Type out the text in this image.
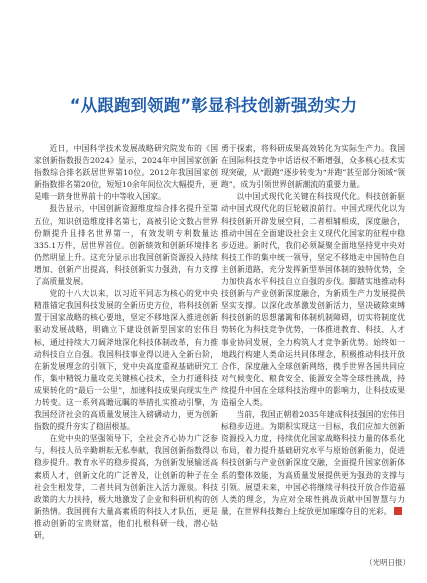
“从跟跑到领跑”彰显科技创新强劲实力

近日，中国科学技术发展战略研究院发布的《国家创新指数报告2024》显示，2024年中国国家创新指数综合排名跃居世界第10位。2012年我国国家创新指数排名第20位，短短10余年间位次大幅提升，更是唯一跻身世界前十的中等收入国家。

报告显示，中国创新资源维度综合排名提升至第五位，知识创造维度排名第七，高被引论文数占世界份额提升且排名世界第一，有效发明专利数量达335.1万件，居世界首位。创新绩效和创新环境排名仍然明显上升。这充分显示出我国创新资源投入持续增加、创新产出提高，科技创新实力强劲，有力支撑了高质量发展。

党的十八大以来，以习近平同志为核心的党中央精准锚定我国科技发展的全新历史方位，将科技创新置于国家战略的核心要地，坚定不移地深入推进创新驱动发展战略，明确立下建设创新型国家的宏伟目标，通过持续大刀阔斧地深化科技体制改革，有力推动科技自立自强。我国科技事业得以进入全新台阶，在新发展理念的引领下，党中央高度重视基础研究工作，集中精锐力量攻克关键核心技术，全力打通科技成果转化的“最后一公里”，加速科技成果向现实生产力转变。这一系列高瞻远瞩的举措扎实推动引擎，为我国经济社会的高质量发展注入磅礴动力，更为创新指数的提升夯实了稳固根基。

在党中央的坚强领导下，全社会齐心协力广泛参与，科技人员辛勤耕耘无私奉献，我国创新指数得以稳步提升。教育水平的稳步提高，为创新发展输送高素质人才，创新文化的广泛普及，让创新的种子在全社会生根发芽，二者共同为创新注入活力源泉。科技政策的大力扶持，极大地激发了企业和科研机构的创新热情。我国拥有大量高素质的科技人才队伍，更是推动创新的宝贵财富，他们扎根科研一线，潜心钻研，

勇于探索，将科研成果高效转化为实际生产力。我国在国际科技竞争中话语权不断增强，众多核心技术实现突破，从“跟跑”逐步转变为“并跑”甚至部分领域“领跑”，成为引领世界创新潮流的重要力量。

以中国式现代化关键在科技现代化。科技创新驱动中国式现代化的巨轮破浪前行。中国式现代化以为科技创新开辟发展空间，二者相辅相成，深度融合，推动中国在全面建设社会主义现代化国家的征程中稳步迈进。新时代，我们必须凝聚全面地坚持党中央对科技工作的集中统一领导，坚定不移地走中国特色自主创新道路，充分发挥新型举国体制的独特优势，全力加快高水平科技自立自强的步伐。脚踏实地推动科技创新与产业创新深度融合，为新质生产力发展提供坚实支撑。以深化改革激发创新活力，坚决破除束缚科技创新的思想藩篱和体制机制障碍，切实将制度优势转化为科技竞争优势，一体推进教育、科技、人才事业协同发展，全力构筑人才竞争新优势。始终如一地践行构建人类命运共同体理念，积极推动科技开放合作，深度融入全球创新网络，携手世界各国共同应对气候变化、粮食安全、能源安全等全球性挑战，持续提升中国在全球科技治理中的影响力，让科技成果造福全人类。

当前，我国正朝着2035年建成科技强国的宏伟目标稳步迈进。为期积实现这一目标，我们应加大创新资源投入力度，持续优化国家战略科技力量的体系化布局，着力提升基础研究水平与原始创新能力，促进科技创新与产业创新深度交融，全面提升国家创新体系的整体效能，为高质量发展提供更为强劲的支撑与引领。展望未来，中国必将继续寻科技开放合作造福人类的理念，为应对全球性挑战贡献中国智慧与力量，在世界科技舞台上绽放更加璀璨夺目的光彩。

（光明日报）
